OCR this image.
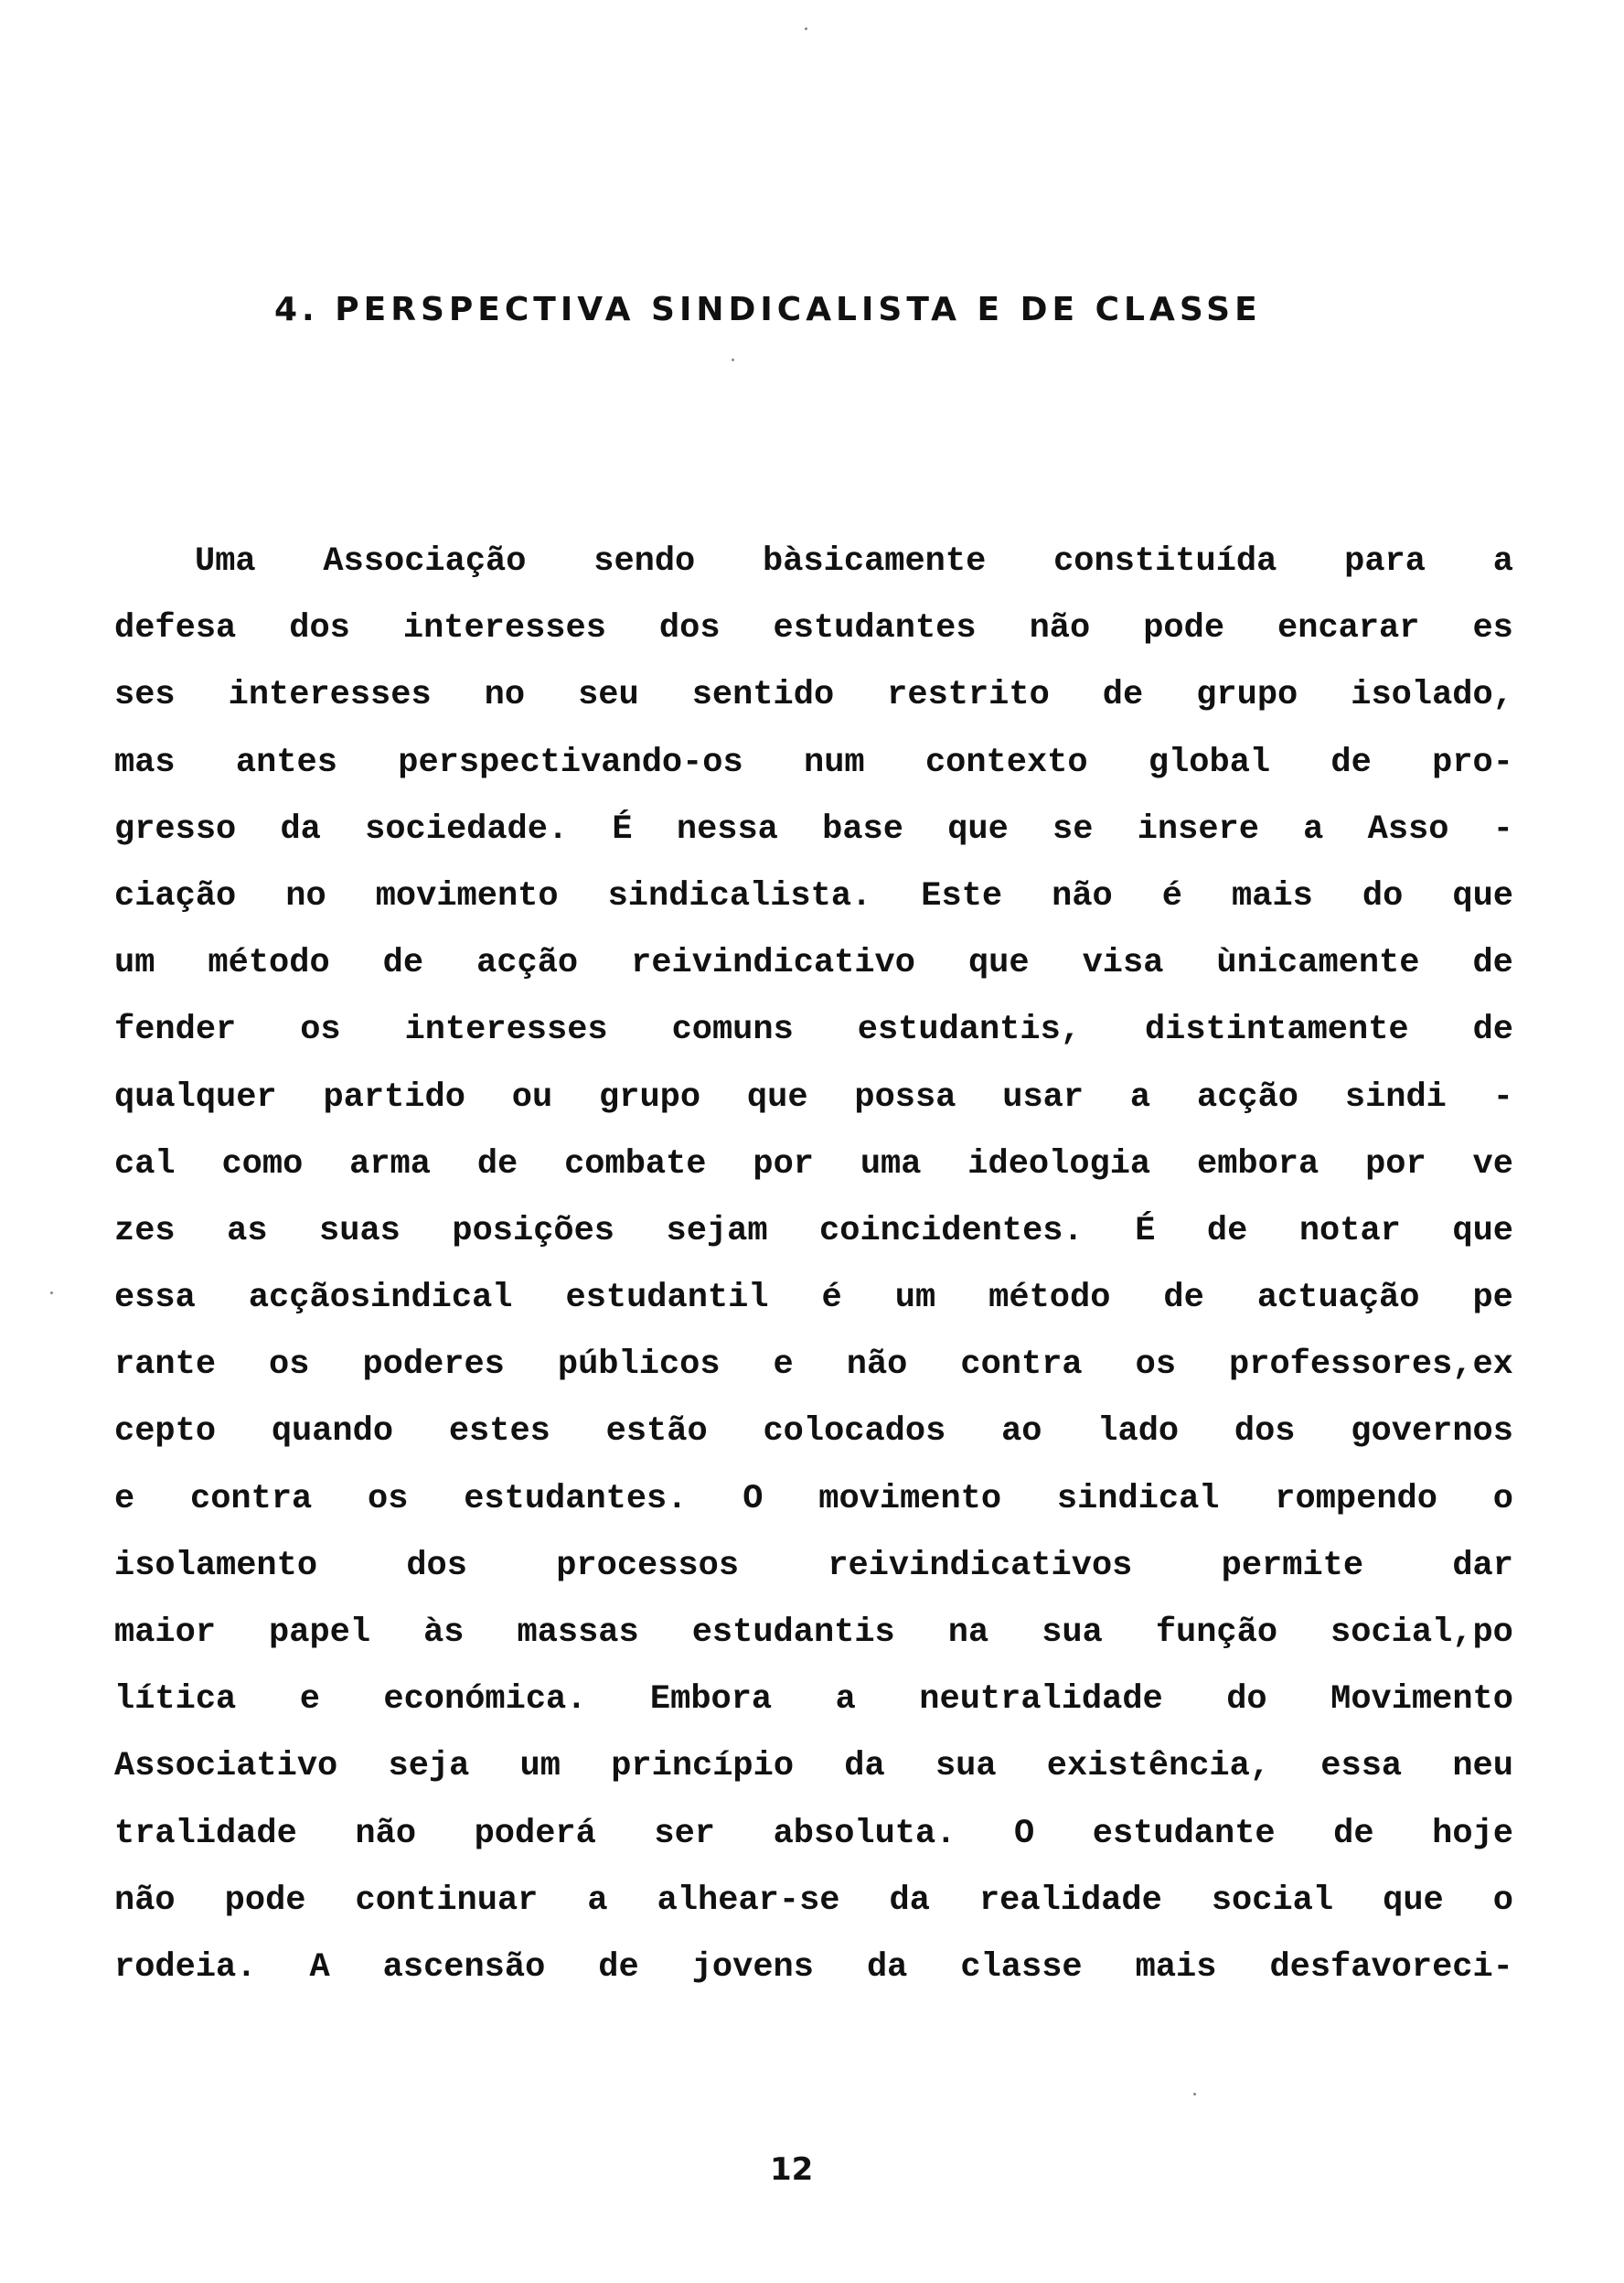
4. PERSPECTIVA SINDICALISTA E DE CLASSE
Uma Associação sendo bàsicamente constituída para a
defesa dos interesses dos estudantes não pode encarar es
ses interesses no seu sentido restrito de grupo isolado,
mas antes perspectivando-os num contexto global de pro-
gresso da sociedade. É nessa base que se insere a Asso -
ciação no movimento sindicalista. Este não é mais do que
um método de acção reivindicativo que visa ùnicamente de
fender os interesses comuns estudantis, distintamente de
qualquer partido ou grupo que possa usar a acção sindi -
cal como arma de combate por uma ideologia embora por ve
zes as suas posições sejam coincidentes. É de notar que
essa acçãosindical estudantil é um método de actuação pe
rante os poderes públicos e não contra os professores,ex
cepto quando estes estão colocados ao lado dos governos
e contra os estudantes. O movimento sindical rompendo o
isolamento	dos	processos	reivindicativos	permite	dar
maior papel às massas estudantis na sua função social,po
lítica e económica. Embora a neutralidade do Movimento
Associativo seja um princípio da sua existência, essa neu
tralidade não poderá ser absoluta. O estudante de hoje
não pode continuar a alhear-se da realidade social que o
rodeia. A ascensão de jovens da classe mais desfavoreci-
12
